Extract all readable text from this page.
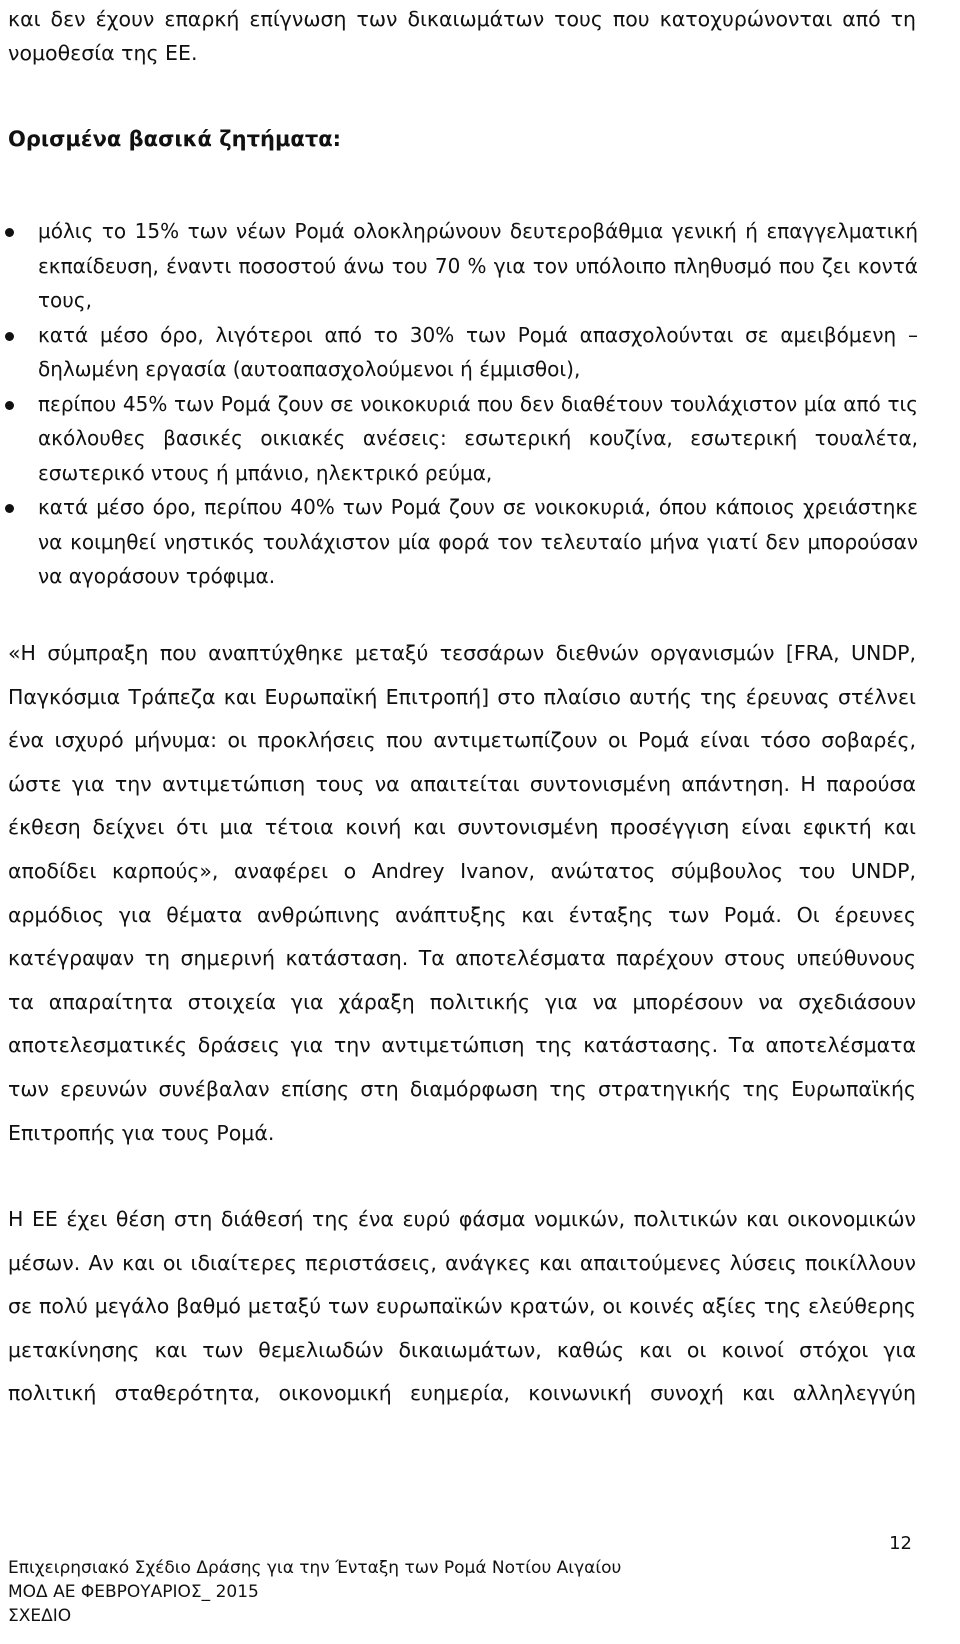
και δεν έχουν επαρκή επίγνωση των δικαιωμάτων τους που κατοχυρώνονται από τη νομοθεσία της ΕΕ.

Ορισμένα βασικά ζητήματα:
μόλις το 15% των νέων Ρομά ολοκληρώνουν δευτεροβάθμια γενική ή επαγγελματική εκπαίδευση, έναντι ποσοστού άνω του 70 % για τον υπόλοιπο πληθυσμό που ζει κοντά τους,
κατά μέσο όρο, λιγότεροι από το 30% των Ρομά απασχολούνται σε αμειβόμενη – δηλωμένη εργασία (αυτοαπασχολούμενοι ή έμμισθοι),
περίπου 45% των Ρομά ζουν σε νοικοκυριά που δεν διαθέτουν τουλάχιστον μία από τις ακόλουθες βασικές οικιακές ανέσεις: εσωτερική κουζίνα, εσωτερική τουαλέτα, εσωτερικό ντους ή μπάνιο, ηλεκτρικό ρεύμα,
κατά μέσο όρο, περίπου 40% των Ρομά ζουν σε νοικοκυριά, όπου κάποιος χρειάστηκε να κοιμηθεί νηστικός τουλάχιστον μία φορά τον τελευταίο μήνα γιατί δεν μπορούσαν να αγοράσουν τρόφιμα.

«Η σύμπραξη που αναπτύχθηκε μεταξύ τεσσάρων διεθνών οργανισμών [FRA, UNDP, Παγκόσμια Τράπεζα και Ευρωπαϊκή Επιτροπή] στο πλαίσιο αυτής της έρευνας στέλνει ένα ισχυρό μήνυμα: οι προκλήσεις που αντιμετωπίζουν οι Ρομά είναι τόσο σοβαρές, ώστε για την αντιμετώπιση τους να απαιτείται συντονισμένη απάντηση. Η παρούσα έκθεση δείχνει ότι μια τέτοια κοινή και συντονισμένη προσέγγιση είναι εφικτή και αποδίδει καρπούς», αναφέρει ο Andrey Ivanov, ανώτατος σύμβουλος του UNDP, αρμόδιος για θέματα ανθρώπινης ανάπτυξης και ένταξης των Ρομά. Οι έρευνες κατέγραψαν τη σημερινή κατάσταση. Τα αποτελέσματα παρέχουν στους υπεύθυνους τα απαραίτητα στοιχεία για χάραξη πολιτικής για να μπορέσουν να σχεδιάσουν αποτελεσματικές δράσεις για την αντιμετώπιση της κατάστασης. Τα αποτελέσματα των ερευνών συνέβαλαν επίσης στη διαμόρφωση της στρατηγικής της Ευρωπαϊκής Επιτροπής για τους Ρομά.

Η ΕΕ έχει θέση στη διάθεσή της ένα ευρύ φάσμα νομικών, πολιτικών και οικονομικών μέσων. Αν και οι ιδιαίτερες περιστάσεις, ανάγκες και απαιτούμενες λύσεις ποικίλλουν σε πολύ μεγάλο βαθμό μεταξύ των ευρωπαϊκών κρατών, οι κοινές αξίες της ελεύθερης μετακίνησης και των θεμελιωδών δικαιωμάτων, καθώς και οι κοινοί στόχοι για πολιτική σταθερότητα, οικονομική ευημερία, κοινωνική συνοχή και αλληλεγγύη

12
Επιχειρησιακό Σχέδιο Δράσης για την Ένταξη των Ρομά Νοτίου Αιγαίου
ΜΟΔ ΑΕ ΦΕΒΡΟΥΑΡΙΟΣ_ 2015
ΣΧΕΔΙΟ
